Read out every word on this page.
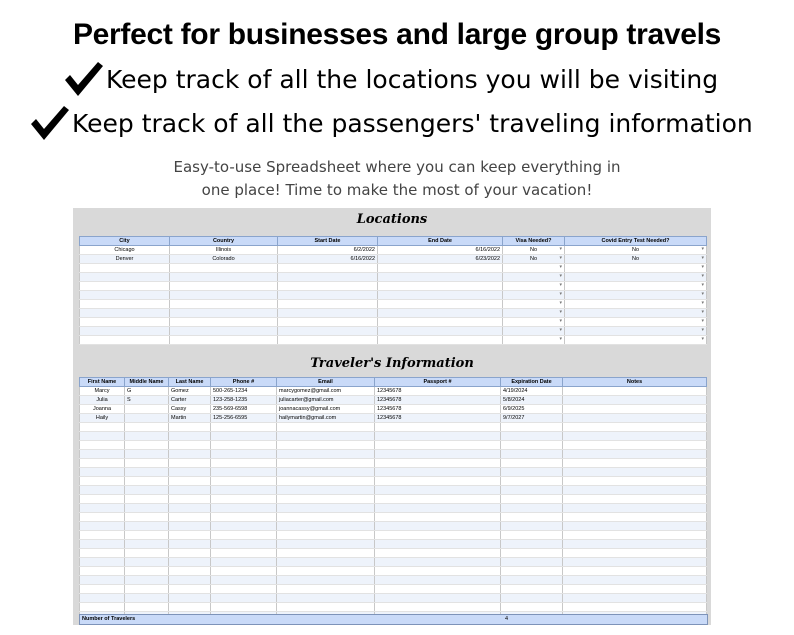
Perfect for businesses and large group travels
Keep track of all the locations you will be visiting
Keep track of all the passengers' traveling information
Easy-to-use Spreadsheet where you can keep everything in
one place! Time to make the most of your vacation!
Locations
City	Country	Start Date	End Date	Visa Needed?	Covid Entry Test Needed?
Chicago	Illinois	6/2/2022	6/16/2022	No ▾	No ▾

Denver	Colorado	6/16/2022	6/23/2022	No ▾	No ▾

				▾	▾

				▾	▾

				▾	▾

				▾	▾

				▾	▾

				▾	▾

				▾	▾

				▾	▾

				▾	▾
Traveler's Information
First Name	Middle Name	Last Name	Phone #	Email	Passport #	Expiration Date	Notes
Marcy	G	Gomez	500-265-1234	marcygomez@gmail.com	12345678	4/19/2024	
Julia	S	Carter	123-258-1235	juliacarter@gmail.com	12345678	5/8/2024	
Joanna		Cassy	235-569-6598	joannacassy@gmail.com	12345678	6/9/2025	
Haily		Martin	125-256-6595	hailymartin@gmail.com	12345678	9/7/2027	

Number of Travelers	4
